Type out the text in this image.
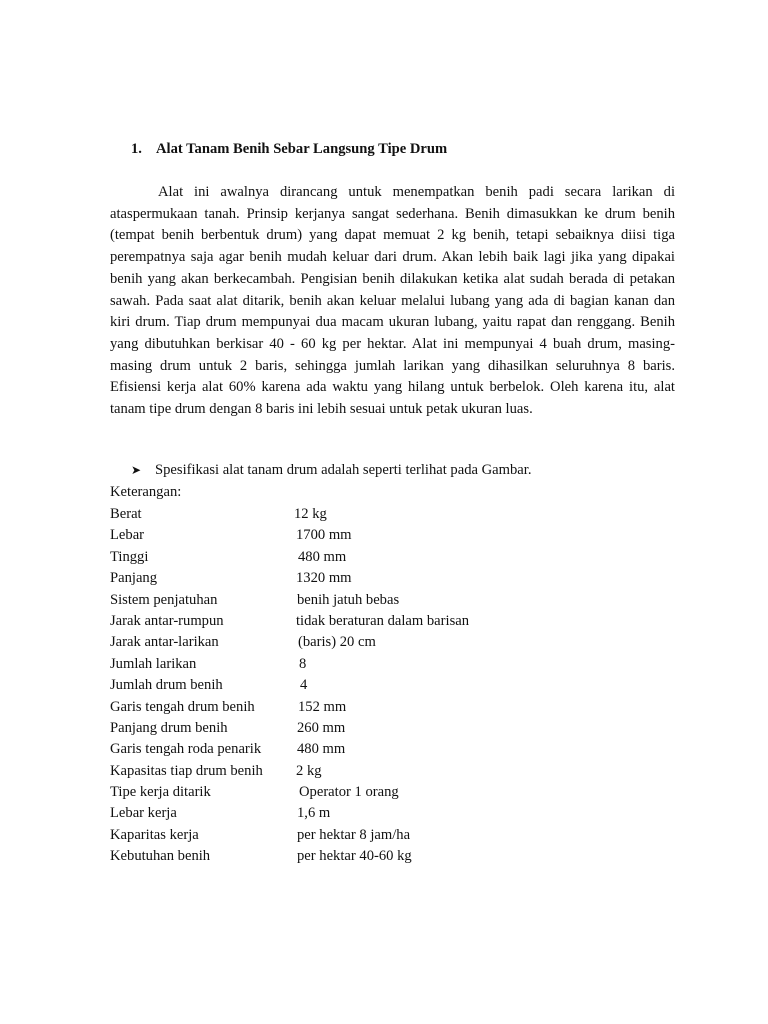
1. Alat Tanam Benih Sebar Langsung Tipe Drum

Alat ini awalnya dirancang untuk menempatkan benih padi secara larikan di ataspermukaan tanah. Prinsip kerjanya sangat sederhana. Benih dimasukkan ke drum benih (tempat benih berbentuk drum) yang dapat memuat 2 kg benih, tetapi sebaiknya diisi tiga perempatnya saja agar benih mudah keluar dari drum. Akan lebih baik lagi jika yang dipakai benih yang akan berkecambah. Pengisian benih dilakukan ketika alat sudah berada di petakan sawah. Pada saat alat ditarik, benih akan keluar melalui lubang yang ada di bagian kanan dan kiri drum. Tiap drum mempunyai dua macam ukuran lubang, yaitu rapat dan renggang. Benih yang dibutuhkan berkisar 40 - 60 kg per hektar. Alat ini mempunyai 4 buah drum, masing-masing drum untuk 2 baris, sehingga jumlah larikan yang dihasilkan seluruhnya 8 baris. Efisiensi kerja alat 60% karena ada waktu yang hilang untuk berbelok. Oleh karena itu, alat tanam tipe drum dengan 8 baris ini lebih sesuai untuk petak ukuran luas.

➤ Spesifikasi alat tanam drum adalah seperti terlihat pada Gambar.
Keterangan:
Berat	12 kg
Lebar	1700 mm
Tinggi	480 mm
Panjang	1320 mm
Sistem penjatuhan	benih jatuh bebas
Jarak antar-rumpun	tidak beraturan dalam barisan
Jarak antar-larikan	(baris) 20 cm
Jumlah larikan	8
Jumlah drum benih	4
Garis tengah drum benih	152 mm
Panjang drum benih	260 mm
Garis tengah roda penarik 480 mm
Kapasitas tiap drum benih 2 kg
Tipe kerja ditarik	Operator 1 orang
Lebar kerja	1,6 m
Kaparitas kerja	per hektar 8 jam/ha
Kebutuhan benih	per hektar 40-60 kg
